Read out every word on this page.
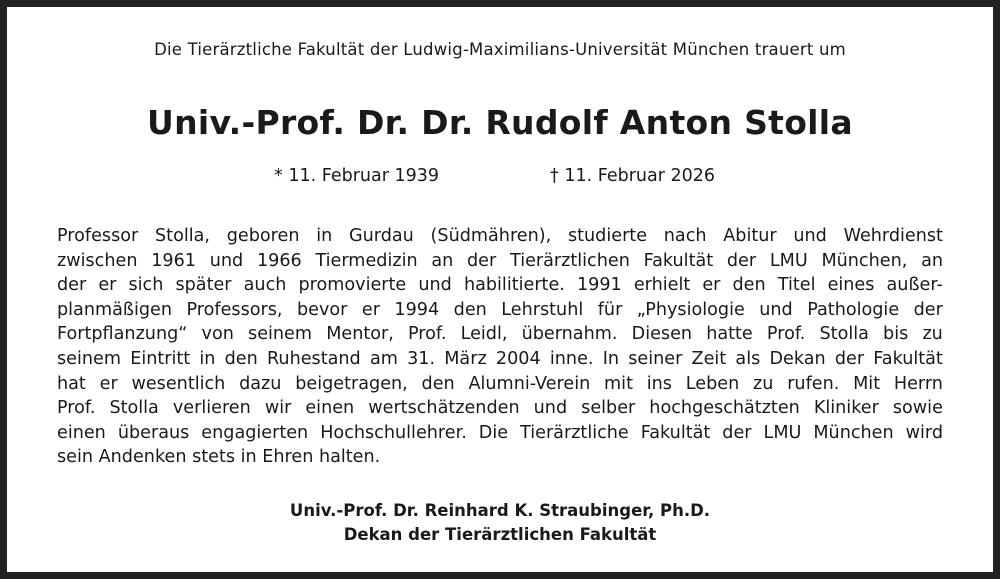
Die Tierärztliche Fakultät der Ludwig-Maximilians-Universität München trauert um
Univ.-Prof. Dr. Dr. Rudolf Anton Stolla
* 11. Februar 1939	† 11. Februar 2026
Professor Stolla, geboren in Gurdau (Südmähren), studierte nach Abitur und Wehrdienst
zwischen 1961 und 1966 Tiermedizin an der Tierärztlichen Fakultät der LMU München, an
der er sich später auch promovierte und habilitierte. 1991 erhielt er den Titel eines außer-
planmäßigen Professors, bevor er 1994 den Lehrstuhl für „Physiologie und Pathologie der
Fortpflanzung“ von seinem Mentor, Prof. Leidl, übernahm. Diesen hatte Prof. Stolla bis zu
seinem Eintritt in den Ruhestand am 31. März 2004 inne. In seiner Zeit als Dekan der Fakultät
hat er wesentlich dazu beigetragen, den Alumni-Verein mit ins Leben zu rufen. Mit Herrn
Prof. Stolla verlieren wir einen wertschätzenden und selber hochgeschätzten Kliniker sowie
einen überaus engagierten Hochschullehrer. Die Tierärztliche Fakultät der LMU München wird
sein Andenken stets in Ehren halten.
Univ.-Prof. Dr. Reinhard K. Straubinger, Ph.D.
Dekan der Tierärztlichen Fakultät
